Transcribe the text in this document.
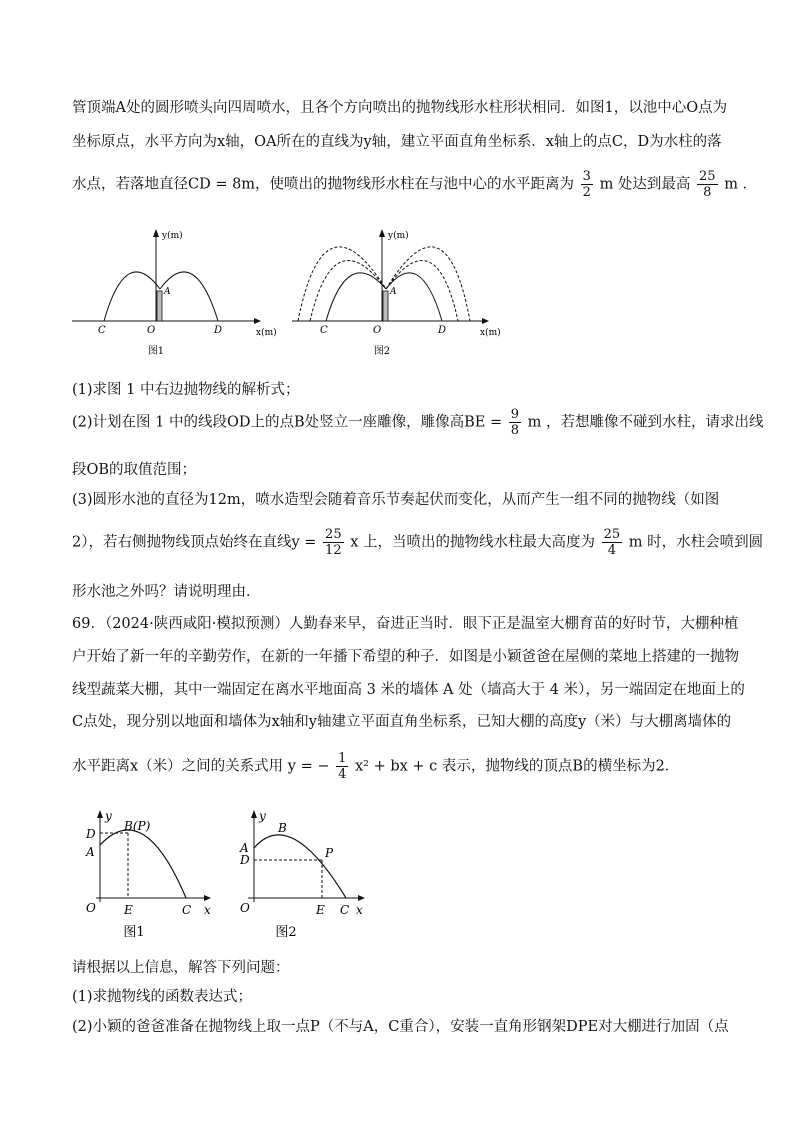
管顶端A处的圆形喷头向四周喷水，且各个方向喷出的抛物线形水柱形状相同．如图1，以池中心O点为
坐标原点，水平方向为x轴，OA所在的直线为y轴，建立平面直角坐标系．x轴上的点C，D为水柱的落
水点，若落地直径CD = 8m，使喷出的抛物线形水柱在与池中心的水平距离为 $\frac{3}{2}$ m 处达到最高 $\frac{25}{8}$ m ．
y(m)
x(m)
A
C	O	D
图1
y(m)
x(m)
A
C	O	D
图2
(1)求图 1 中右边抛物线的解析式；
(2)计划在图 1 中的线段OD上的点B处竖立一座雕像，雕像高BE = $\frac{9}{8}$ m ，若想雕像不碰到水柱，请求出线
段OB的取值范围；
(3)圆形水池的直径为12m，喷水造型会随着音乐节奏起伏而变化，从而产生一组不同的抛物线（如图
2），若右侧抛物线顶点始终在直线$y = \frac{25}{12}$ x 上，当喷出的抛物线水柱最大高度为 $\frac{25}{4}$ m 时，水柱会喷到圆
形水池之外吗？请说明理由．
69．（2024·陕西咸阳·模拟预测）人勤春来早，奋进正当时．眼下正是温室大棚育苗的好时节，大棚种植
户开始了新一年的辛勤劳作，在新的一年播下希望的种子．如图是小颖爸爸在屋侧的菜地上搭建的一抛物
线型蔬菜大棚，其中一端固定在离水平地面高 3 米的墙体 A 处（墙高大于 4 米），另一端固定在地面上的
C点处，现分别以地面和墙体为x轴和y轴建立平面直角坐标系，已知大棚的高度y（米）与大棚离墙体的
水平距离x（米）之间的关系式用 y = − $\frac{1}{4} x^2$ + bx + c 表示，抛物线的顶点B的横坐标为2．
y
x
D
B(P)
A
O E	C
图1
y
x
B
A
D	P
O	E C
图2
请根据以上信息，解答下列问题：
(1)求抛物线的函数表达式；
(2)小颖的爸爸准备在抛物线上取一点P（不与A，C重合），安装一直角形钢架DPE对大棚进行加固（点
